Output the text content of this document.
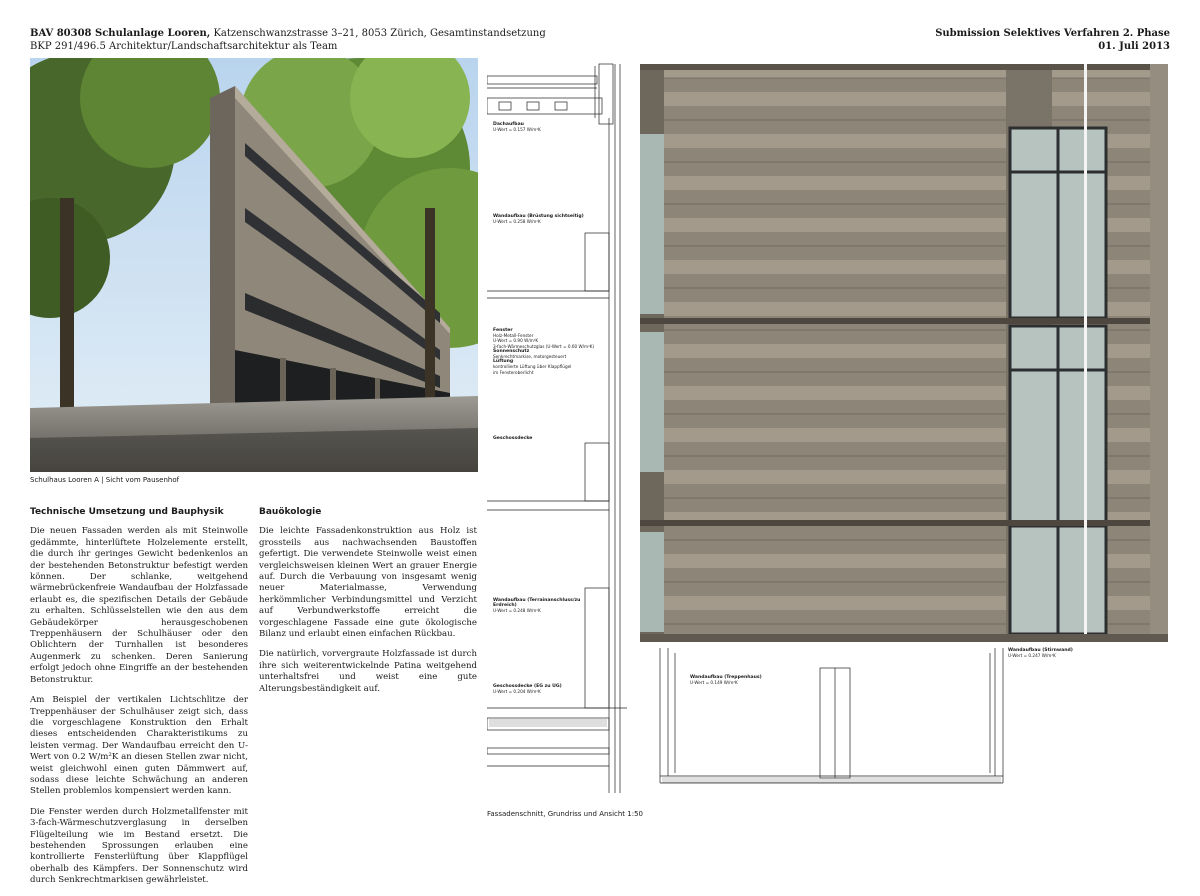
BAV 80308 Schulanlage Looren, Katzenschwanzstrasse 3–21, 8053 Zürich, Gesamtinstandsetzung
BKP 291/496.5 Architektur/Landschaftsarchitektur als Team
Submission Selektives Verfahren 2. Phase
01. Juli 2013
Schulhaus Looren A | Sicht vom Pausenhof
Technische Umsetzung und Bauphysik

Die neuen Fassaden werden als mit Steinwolle gedämmte, hinterlüftete Holzelemente erstellt, die durch ihr geringes Gewicht bedenkenlos an der bestehenden Betonstruktur befestigt werden können. Der schlanke, weitgehend wärmebrückenfreie Wandaufbau der Holzfassade erlaubt es, die spezifischen Details der Gebäude zu erhalten. Schlüsselstellen wie den aus dem Gebäudekörper herausgeschobenen Treppenhäusern der Schulhäuser oder den Oblichtern der Turnhallen ist besonderes Augenmerk zu schenken. Deren Sanierung erfolgt jedoch ohne Eingriffe an der bestehenden Betonstruktur.

Am Beispiel der vertikalen Lichtschlitze der Treppenhäuser der Schulhäuser zeigt sich, dass die vorgeschlagene Konstruktion den Erhalt dieses entscheidenden Charakteristikums zu leisten vermag. Der Wandaufbau erreicht den U-Wert von 0.2 W/m²K an diesen Stellen zwar nicht, weist gleichwohl einen guten Dämmwert auf, sodass diese leichte Schwächung an anderen Stellen problemlos kompensiert werden kann.

Die Fenster werden durch Holzmetallfenster mit 3-fach-Wärmeschutzverglasung in derselben Flügelteilung wie im Bestand ersetzt. Die bestehenden Sprossungen erlauben eine kontrollierte Fensterlüftung über Klappflügel oberhalb des Kämpfers. Der Sonnenschutz wird durch Senkrechtmarkisen gewährleistet.

Bauökologie

Die leichte Fassadenkonstruktion aus Holz ist grossteils aus nachwachsenden Baustoffen gefertigt. Die verwendete Steinwolle weist einen vergleichsweisen kleinen Wert an grauer Energie auf. Durch die Verbauung von insgesamt wenig neuer Materialmasse, Verwendung herkömmlicher Verbindungsmittel und Verzicht auf Verbundwerkstoffe erreicht die vorgeschlagene Fassade eine gute ökologische Bilanz und erlaubt einen einfachen Rückbau.

Die natürlich, vorvergraute Holzfassade ist durch ihre sich weiterentwickelnde Patina weitgehend unterhaltsfrei und weist eine gute Alterungsbeständigkeit auf.

Dachaufbau
U-Wert = 0.157 W/m²K
Wandaufbau (Brüstung sichtseitig)
U-Wert = 0.258 W/m²K
Fenster
Holz-Metall-Fenster
U-Wert = 0.90 W/m²K
3-fach-Wärmeschutzglas (U-Wert = 0.60 W/m²K)
Sonnenschutz
Senkrechtmarkise, motorgesteuert
Lüftung
kontrollierte Lüftung über Klappflügel
im Fensteroberlicht
Geschossdecke
Wandaufbau (Terrainanschluss/zu Erdreich)
U-Wert = 0.248 W/m²K
Geschossdecke (EG zu UG)
U-Wert = 0.204 W/m²K
Wandaufbau (Treppenhaus)
U-Wert = 0.149 W/m²K
Wandaufbau (Stirnwand)
U-Wert = 0.247 W/m²K
Fassadenschnitt, Grundriss und Ansicht 1:50
